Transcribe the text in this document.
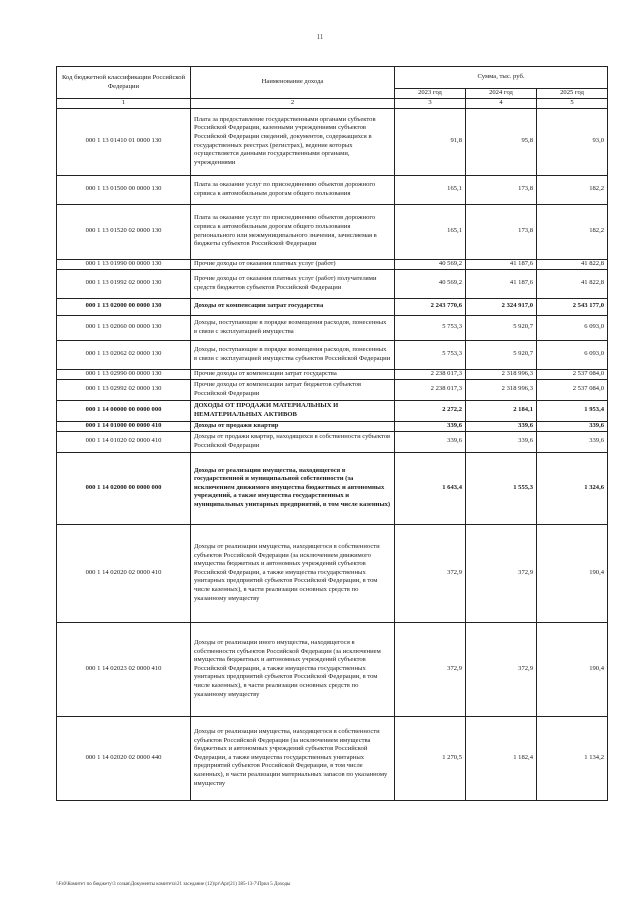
11
Код бюджетной классификации Российской Федерации	Наименование дохода	Сумма, тыс. руб.		
		2023 год	2024 год	2025 год
1	2	3	4	5
000 1 13 01410 01 0000 130	Плата за предоставление государственными органами субъектов Российской Федерации, казенными учреждениями субъектов Российской Федерации сведений, документов, содержащихся в государственных реестрах (регистрах), ведение которых осуществляется данными государственными органами, учреждениями	91,8	95,8	93,0
000 1 13 01500 00 0000 130	Плата за оказание услуг по присоединению объектов дорожного сервиса к автомобильным дорогам общего пользования	165,1	173,8	182,2
000 1 13 01520 02 0000 130	Плата за оказание услуг по присоединению объектов дорожного сервиса к автомобильным дорогам общего пользования регионального или межмуниципального значения, зачисляемая в бюджеты субъектов Российской Федерации	165,1	173,8	182,2
000 1 13 01990 00 0000 130	Прочие доходы от оказания платных услуг (работ)	40 569,2	41 187,6	41 822,8
000 1 13 01992 02 0000 130	Прочие доходы от оказания платных услуг (работ) получателями средств бюджетов субъектов Российской Федерации	40 569,2	41 187,6	41 822,8
000 1 13 02000 00 0000 130	Доходы от компенсации затрат государства	2 243 770,6	2 324 917,0	2 543 177,0
000 1 13 02060 00 0000 130	Доходы, поступающие в порядке возмещения расходов, понесенных в связи с эксплуатацией имущества	5 753,3	5 920,7	6 093,0
000 1 13 02062 02 0000 130	Доходы, поступающие в порядке возмещения расходов, понесенных в связи с эксплуатацией имущества субъектов Российской Федерации	5 753,3	5 920,7	6 093,0
000 1 13 02990 00 0000 130	Прочие доходы от компенсации затрат государства	2 238 017,3	2 318 996,3	2 537 084,0
000 1 13 02992 02 0000 130	Прочие доходы от компенсации затрат бюджетов субъектов Российской Федерации	2 238 017,3	2 318 996,3	2 537 084,0
000 1 14 00000 00 0000 000	ДОХОДЫ ОТ ПРОДАЖИ МАТЕРИАЛЬНЫХ И НЕМАТЕРИАЛЬНЫХ АКТИВОВ	2 272,2	2 184,1	1 953,4
000 1 14 01000 00 0000 410	Доходы от продажи квартир	339,6	339,6	339,6
000 1 14 01020 02 0000 410	Доходы от продажи квартир, находящихся в собственности субъектов Российской Федерации	339,6	339,6	339,6
000 1 14 02000 00 0000 000	Доходы от реализации имущества, находящегося в государственной и муниципальной собственности (за исключением движимого имущества бюджетных и автономных учреждений, а также имущества государственных и муниципальных унитарных предприятий, в том числе казенных)	1 643,4	1 555,3	1 324,6
000 1 14 02020 02 0000 410	Доходы от реализации имущества, находящегося в собственности субъектов Российской Федерации (за исключением движимого имущества бюджетных и автономных учреждений субъектов Российской Федерации, а также имущества государственных унитарных предприятий субъектов Российской Федерации, в том числе казенных), в части реализации основных средств по указанному имуществу	372,9	372,9	190,4
000 1 14 02023 02 0000 410	Доходы от реализации иного имущества, находящегося в собственности субъектов Российской Федерации (за исключением имущества бюджетных и автономных учреждений субъектов Российской Федерации, а также имущества государственных унитарных предприятий субъектов Российской Федерации, в том числе казенных), в части реализации основных средств по указанному имуществу	372,9	372,9	190,4
000 1 14 02020 02 0000 440	Доходы от реализации имущества, находящегося в собственности субъектов Российской Федерации (за исключением имущества бюджетных и автономных учреждений субъектов Российской Федерации, а также имущества государственных унитарных предприятий субъектов Российской Федерации, в том числе казенных), в части реализации материальных запасов по указанному имуществу	1 270,5	1 182,4	1 134,2
\\Fs0\Комитет по бюджету\3 созыв\Документы комитета\21 заседание (12)\pr\Apr(21) 385-13-7\Прил 5 Доходы
